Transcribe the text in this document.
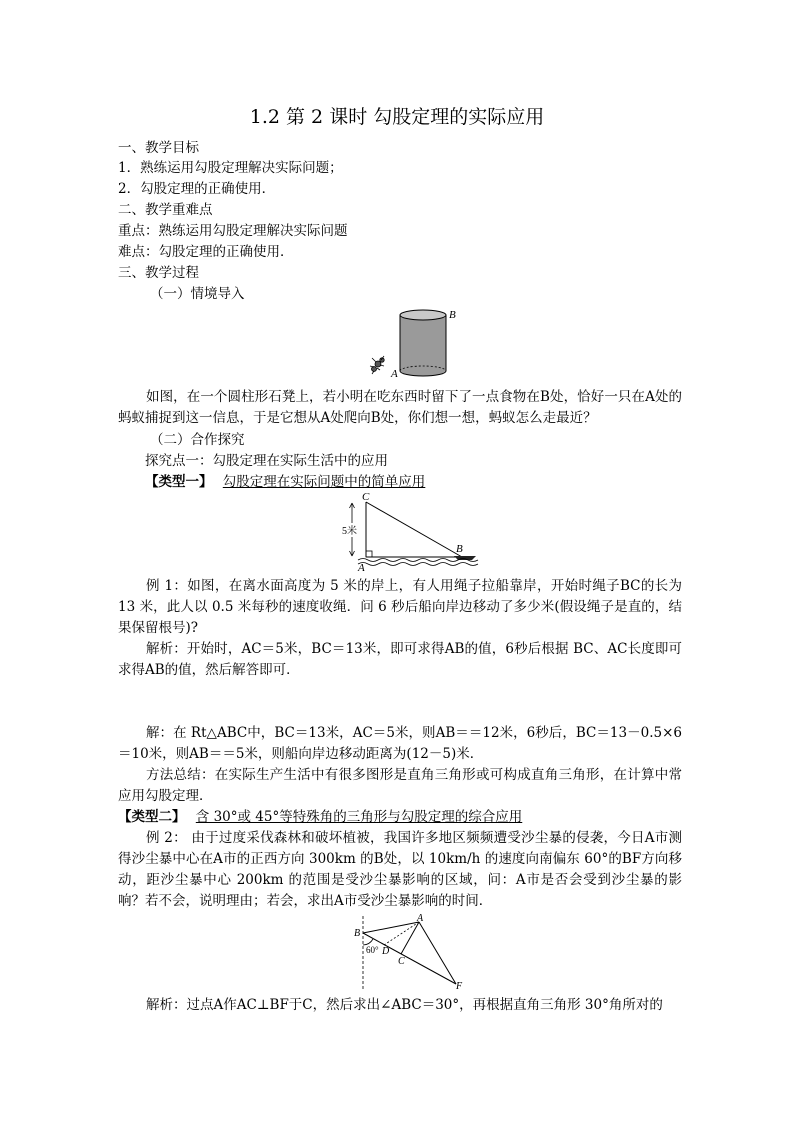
1.2 第 2 课时 勾股定理的实际应用
一、教学目标
1．熟练运用勾股定理解决实际问题；
2．勾股定理的正确使用．
二、教学重难点
重点：熟练运用勾股定理解决实际问题
难点：勾股定理的正确使用．
三、教学过程
（一）情境导入
A
B
如图，在一个圆柱形石凳上，若小明在吃东西时留下了一点食物在B处，恰好一只在A处的蚂蚁捕捉到这一信息，于是它想从A处爬向B处，你们想一想，蚂蚁怎么走最近？
（二）合作探究
探究点一：勾股定理在实际生活中的应用
【类型一】 勾股定理在实际问题中的简单应用
5米
C
A
B
例 1：如图，在离水面高度为 5 米的岸上，有人用绳子拉船靠岸，开始时绳子BC的长为 13 米，此人以 0.5 米每秒的速度收绳．问 6 秒后船向岸边移动了多少米(假设绳子是直的，结果保留根号)?
解析：开始时，AC＝5米，BC＝13米，即可求得AB的值，6秒后根据 BC、AC长度即可求得AB的值，然后解答即可．
解：在 Rt△ABC中，BC＝13米，AC＝5米，则AB＝＝12米，6秒后，BC＝13－0.5×6＝10米，则AB＝＝5米，则船向岸边移动距离为(12－5)米．
方法总结：在实际生产生活中有很多图形是直角三角形或可构成直角三角形，在计算中常应用勾股定理．
【类型二】 含 30°或 45°等特殊角的三角形与勾股定理的综合应用
例 2： 由于过度采伐森林和破坏植被，我国许多地区频频遭受沙尘暴的侵袭，今日A市测得沙尘暴中心在A市的正西方向 300km 的B处，以 10km/h 的速度向南偏东 60°的BF方向移动，距沙尘暴中心 200km 的范围是受沙尘暴影响的区域，问：A市是否会受到沙尘暴的影响？若不会，说明理由；若会，求出A市受沙尘暴影响的时间．
60°
B
A
D
C
F
解析：过点A作AC⊥BF于C，然后求出∠ABC＝30°，再根据直角三角形 30°角所对的
